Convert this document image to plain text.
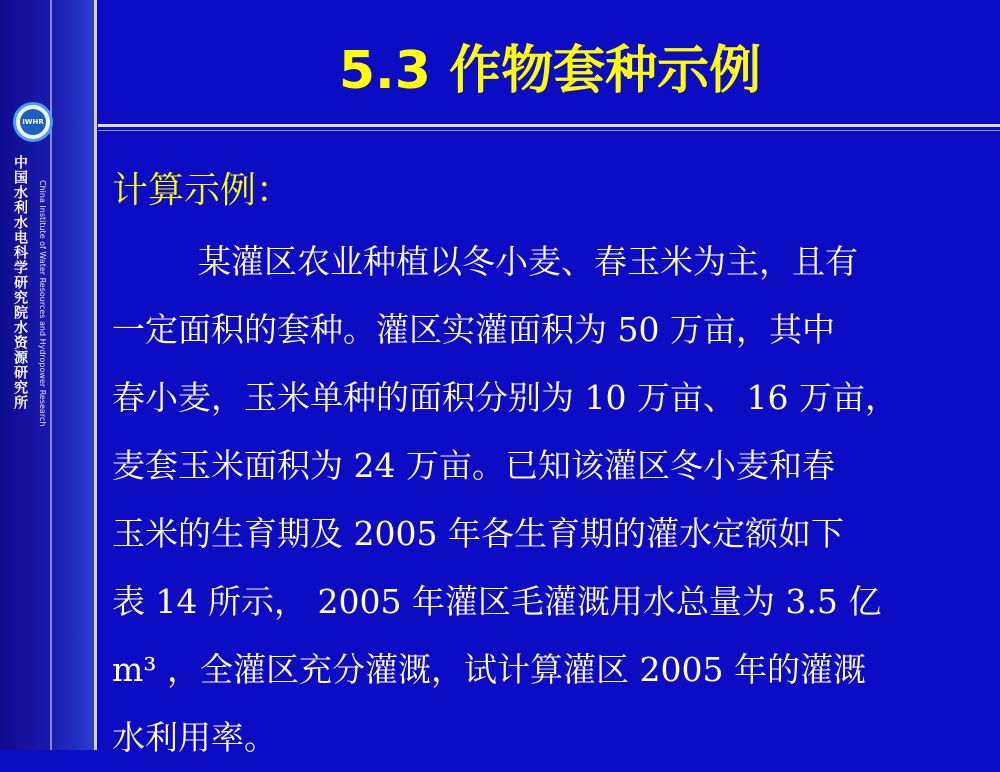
IWHR
中国水利水电科学研究院水资源研究所	China Institute of Water Resources and Hydropower Research
5.3 作物套种示例

计算示例：

某灌区农业种植以冬小麦、春玉米为主，且有
一定面积的套种。灌区实灌面积为 50 万亩，其中
春小麦，玉米单种的面积分别为 10 万亩、 16 万亩，
麦套玉米面积为 24 万亩。已知该灌区冬小麦和春
玉米的生育期及 2005 年各生育期的灌水定额如下
表 14 所示， 2005 年灌区毛灌溉用水总量为 3.5 亿
m³ ，全灌区充分灌溉，试计算灌区 2005 年的灌溉
水利用率。
